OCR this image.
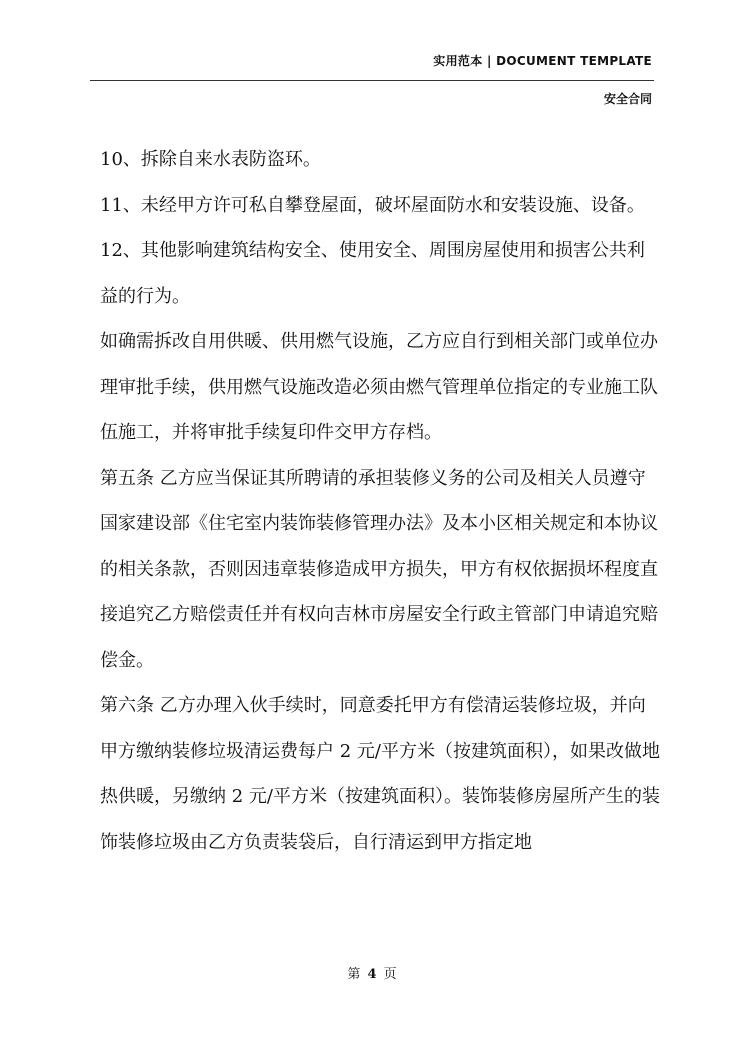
实用范本 | DOCUMENT TEMPLATE
安全合同

10、拆除自来水表防盗环。

11、未经甲方许可私自攀登屋面，破坏屋面防水和安装设施、设备。

12、其他影响建筑结构安全、使用安全、周围房屋使用和损害公共利益的行为。

如确需拆改自用供暖、供用燃气设施，乙方应自行到相关部门或单位办理审批手续，供用燃气设施改造必须由燃气管理单位指定的专业施工队伍施工，并将审批手续复印件交甲方存档。

第五条 乙方应当保证其所聘请的承担装修义务的公司及相关人员遵守国家建设部《住宅室内装饰装修管理办法》及本小区相关规定和本协议的相关条款，否则因违章装修造成甲方损失，甲方有权依据损坏程度直接追究乙方赔偿责任并有权向吉林市房屋安全行政主管部门申请追究赔偿金。

第六条 乙方办理入伙手续时，同意委托甲方有偿清运装修垃圾，并向甲方缴纳装修垃圾清运费每户 2 元/平方米（按建筑面积），如果改做地热供暖，另缴纳 2 元/平方米（按建筑面积）。装饰装修房屋所产生的装饰装修垃圾由乙方负责装袋后，自行清运到甲方指定地

第 4 页
